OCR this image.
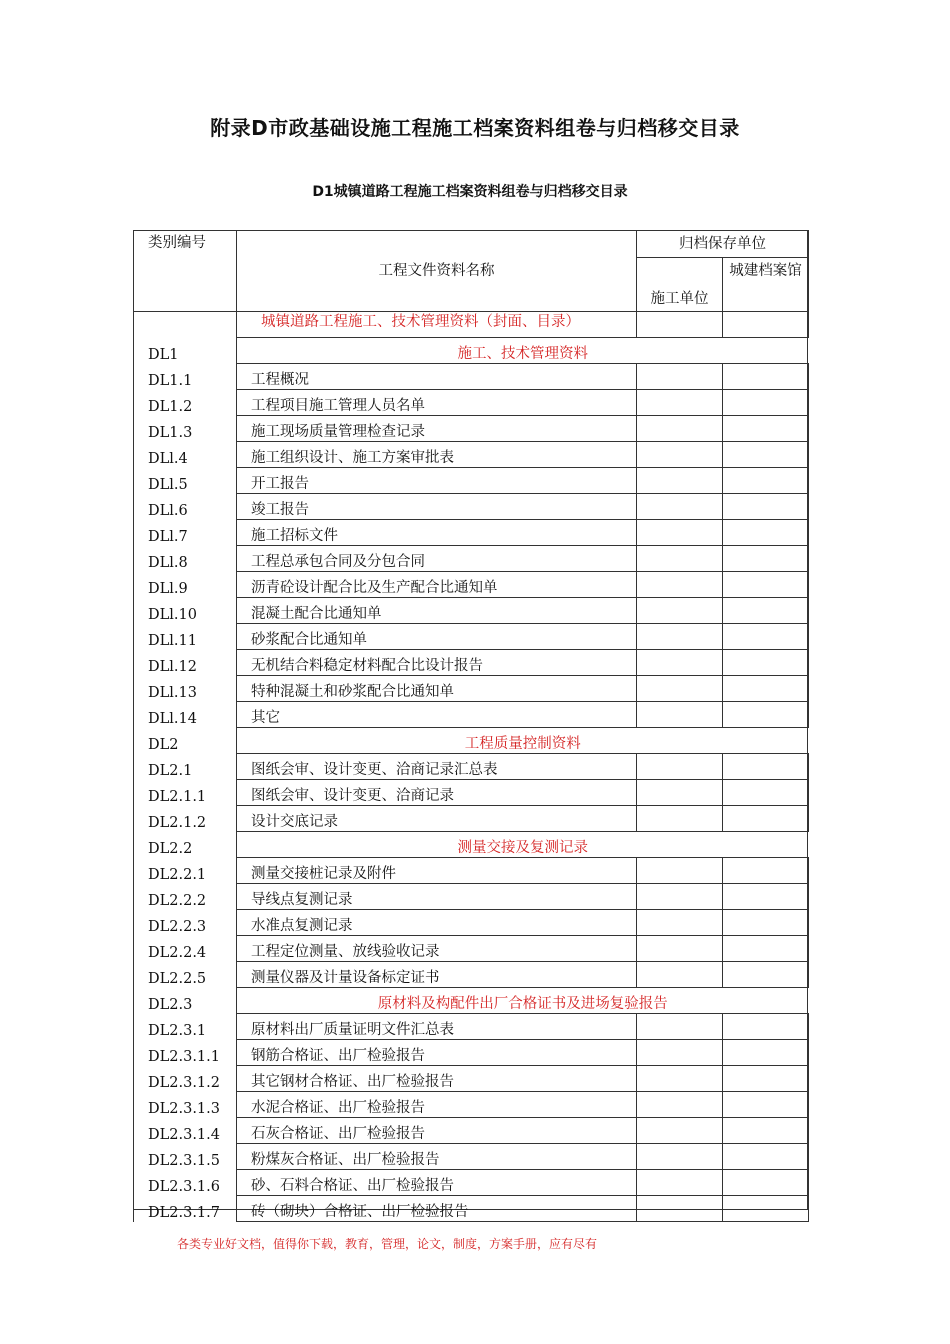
附录D市政基础设施工程施工档案资料组卷与归档移交目录
D1城镇道路工程施工档案资料组卷与归档移交目录
类别编号	工程文件资料名称	归档保存单位	
		施工单位	城建档案馆
	城镇道路工程施工、技术管理资料（封面、目录）		
DL1	施工、技术管理资料		
DL1.1	工程概况		
DL1.2	工程项目施工管理人员名单		
DL1.3	施工现场质量管理检查记录		
DLl.4	施工组织设计、施工方案审批表		
DLl.5	开工报告		
DLl.6	竣工报告		
DLl.7	施工招标文件		
DLl.8	工程总承包合同及分包合同		
DLl.9	沥青砼设计配合比及生产配合比通知单		
DLl.10	混凝土配合比通知单		
DLl.11	砂浆配合比通知单		
DLl.12	无机结合料稳定材料配合比设计报告		
DLl.13	特种混凝土和砂浆配合比通知单		
DLl.14	其它		
DL2	工程质量控制资料		
DL2.1	图纸会审、设计变更、洽商记录汇总表		
DL2.1.1	图纸会审、设计变更、洽商记录		
DL2.1.2	设计交底记录		
DL2.2	测量交接及复测记录		
DL2.2.1	测量交接桩记录及附件		
DL2.2.2	导线点复测记录		
DL2.2.3	水准点复测记录		
DL2.2.4	工程定位测量、放线验收记录		
DL2.2.5	测量仪器及计量设备标定证书		
DL2.3	原材料及构配件出厂合格证书及进场复验报告		
DL2.3.1	原材料出厂质量证明文件汇总表		
DL2.3.1.1	钢筋合格证、出厂检验报告		
DL2.3.1.2	其它钢材合格证、出厂检验报告		
DL2.3.1.3	水泥合格证、出厂检验报告		
DL2.3.1.4	石灰合格证、出厂检验报告		
DL2.3.1.5	粉煤灰合格证、出厂检验报告		
DL2.3.1.6	砂、石料合格证、出厂检验报告		
DL2.3.1.7	砖（砌块）合格证、出厂检验报告		
各类专业好文档，值得你下载，教育，管理，论文，制度，方案手册，应有尽有
